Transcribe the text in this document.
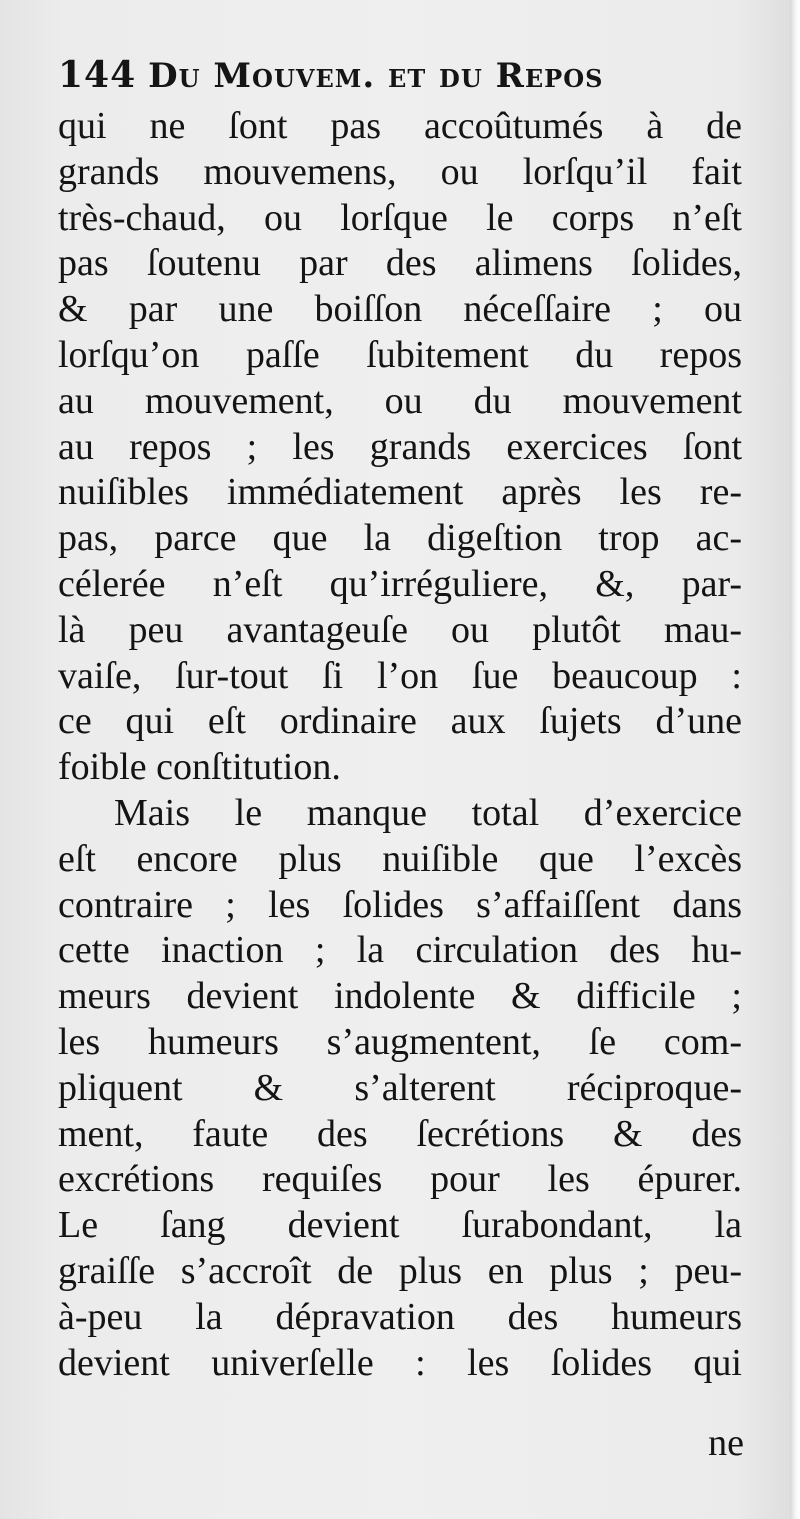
144 Du Mouvem. et du Repos
qui ne ſont pas accoûtumés à de
grands mouvemens, ou lorſqu’il fait
très-chaud, ou lorſque le corps n’eſt
pas ſoutenu par des alimens ſolides,
& par une boiſſon néceſſaire ; ou
lorſqu’on paſſe ſubitement du repos
au mouvement, ou du mouvement
au repos ; les grands exercices ſont
nuiſibles immédiatement après les re-
pas, parce que la digeſtion trop ac-
célerée n’eſt qu’irréguliere, &, par-
là peu avantageuſe ou plutôt mau-
vaiſe, ſur-tout ſi l’on ſue beaucoup :
ce qui eſt ordinaire aux ſujets d’une
foible conſtitution.
Mais le manque total d’exercice
eſt encore plus nuiſible que l’excès
contraire ; les ſolides s’affaiſſent dans
cette inaction ; la circulation des hu-
meurs devient indolente & difficile ;
les humeurs s’augmentent, ſe com-
pliquent & s’alterent réciproque-
ment, faute des ſecrétions & des
excrétions requiſes pour les épurer.
Le ſang devient ſurabondant, la
graiſſe s’accroît de plus en plus ; peu-
à-peu la dépravation des humeurs
devient univerſelle : les ſolides qui
ne
